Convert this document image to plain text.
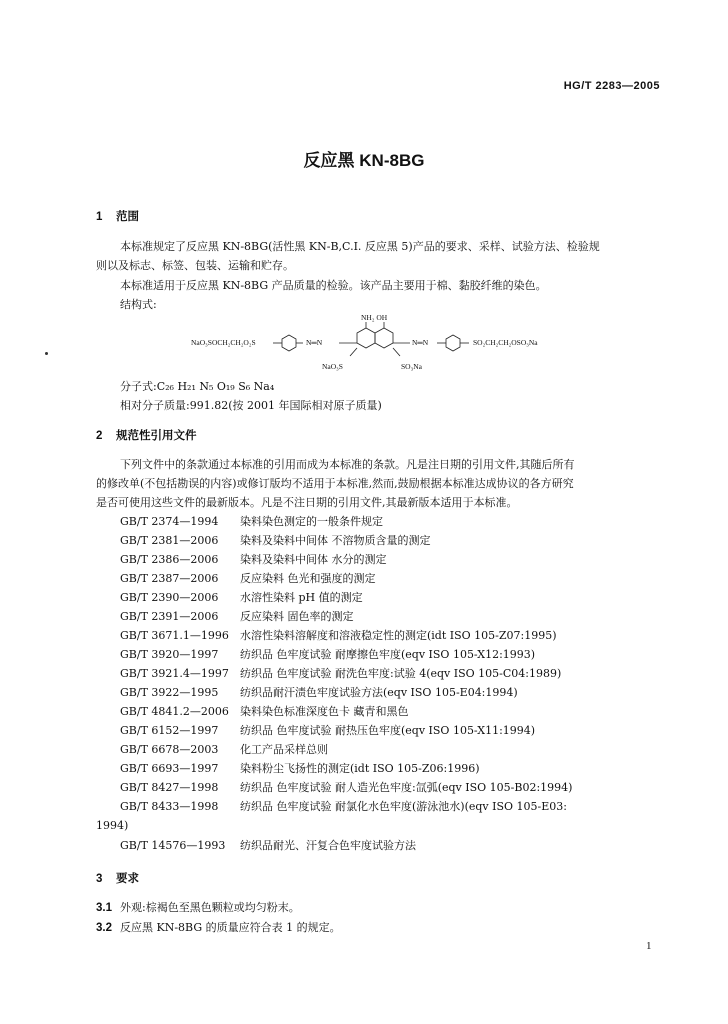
HG/T 2283—2005
反应黑 KN-8BG
1 范围
本标准规定了反应黑 KN-8BG(活性黑 KN-B,C.I. 反应黑 5)产品的要求、采样、试验方法、检验规
则以及标志、标签、包装、运输和贮存。
本标准适用于反应黑 KN-8BG 产品质量的检验。该产品主要用于棉、黏胶纤维的染色。
结构式:
NaO₃SOCH₂CH₂O₂S	N═N
NH₂ OH
N═N	SO₂CH₂CH₂OSO₃Na
NaO₃S	SO₃Na
分子式:C₂₆ H₂₁ N₅ O₁₉ S₆ Na₄
相对分子质量:991.82(按 2001 年国际相对原子质量)
2 规范性引用文件
下列文件中的条款通过本标准的引用而成为本标准的条款。凡是注日期的引用文件,其随后所有
的修改单(不包括勘误的内容)或修订版均不适用于本标准,然而,鼓励根据本标准达成协议的各方研究
是否可使用这些文件的最新版本。凡是不注日期的引用文件,其最新版本适用于本标准。
GB/T 2374—1994 染料染色测定的一般条件规定
GB/T 2381—2006 染料及染料中间体 不溶物质含量的测定
GB/T 2386—2006 染料及染料中间体 水分的测定
GB/T 2387—2006 反应染料 色光和强度的测定
GB/T 2390—2006 水溶性染料 pH 值的测定
GB/T 2391—2006 反应染料 固色率的测定
GB/T 3671.1—1996 水溶性染料溶解度和溶液稳定性的测定(idt ISO 105-Z07:1995)
GB/T 3920—1997 纺织品 色牢度试验 耐摩擦色牢度(eqv ISO 105-X12:1993)
GB/T 3921.4—1997 纺织品 色牢度试验 耐洗色牢度:试验 4(eqv ISO 105-C04:1989)
GB/T 3922—1995 纺织品耐汗渍色牢度试验方法(eqv ISO 105-E04:1994)
GB/T 4841.2—2006 染料染色标准深度色卡 藏青和黑色
GB/T 6152—1997 纺织品 色牢度试验 耐热压色牢度(eqv ISO 105-X11:1994)
GB/T 6678—2003 化工产品采样总则
GB/T 6693—1997 染料粉尘飞扬性的测定(idt ISO 105-Z06:1996)
GB/T 8427—1998 纺织品 色牢度试验 耐人造光色牢度:氙弧(eqv ISO 105-B02:1994)
GB/T 8433—1998 纺织品 色牢度试验 耐氯化水色牢度(游泳池水)(eqv ISO 105-E03:
1994)
GB/T 14576—1993 纺织品耐光、汗复合色牢度试验方法
3 要求
3.1 外观:棕褐色至黑色颗粒或均匀粉末。
3.2 反应黑 KN-8BG 的质量应符合表 1 的规定。
1
